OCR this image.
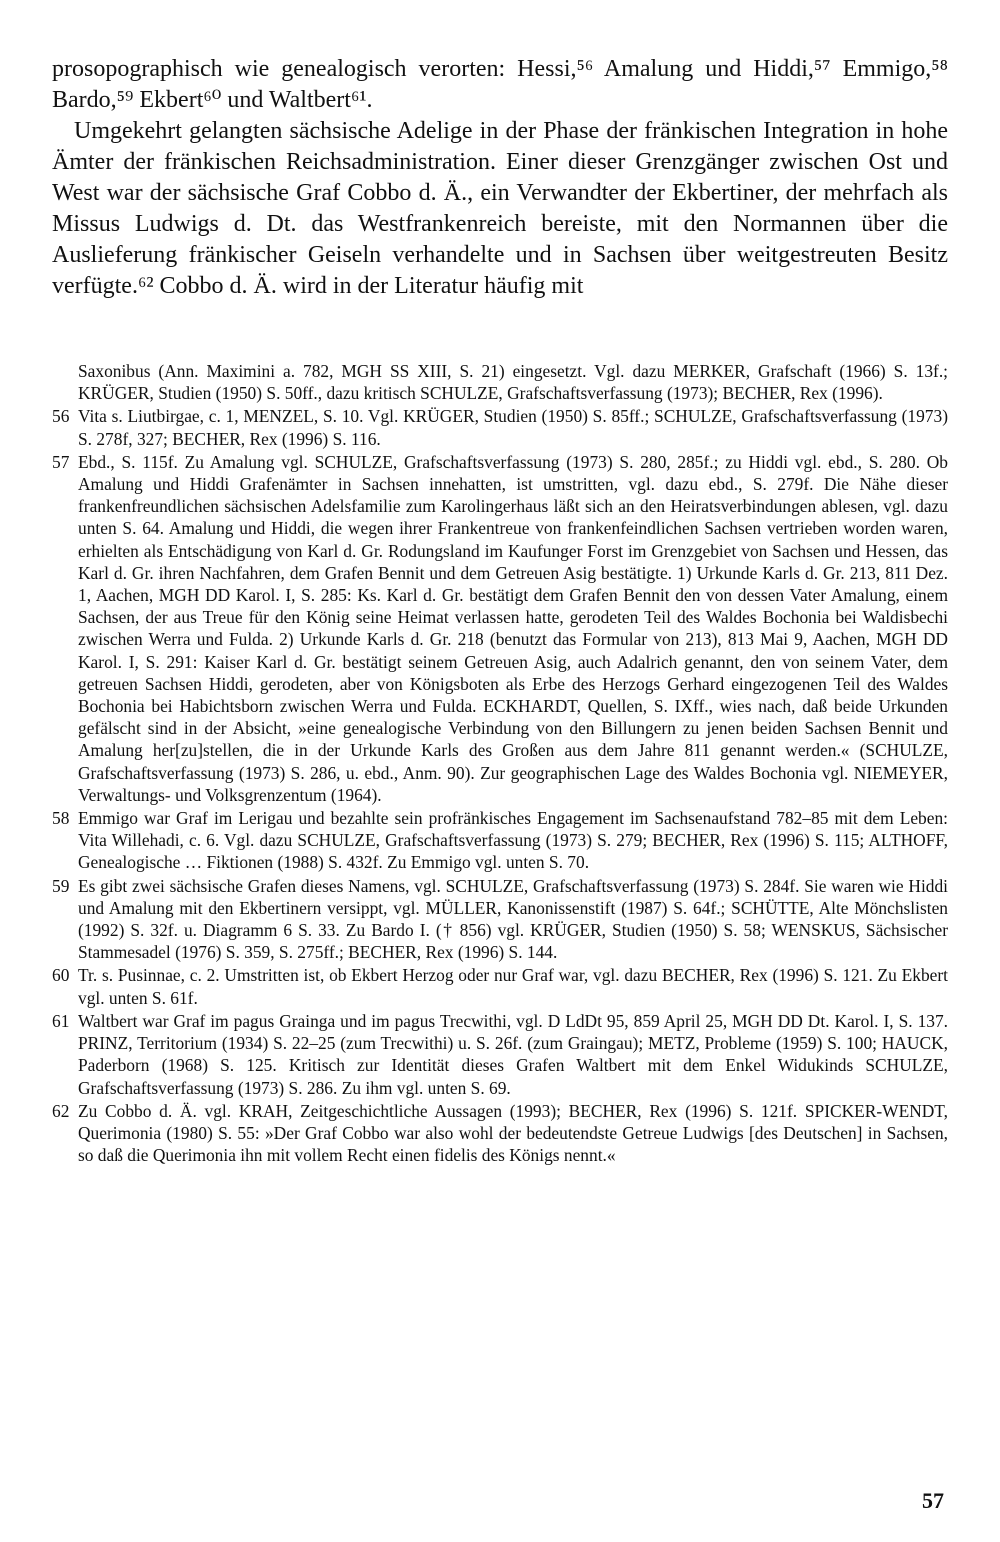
prosopographisch wie genealogisch verorten: Hessi,⁵⁶ Amalung und Hiddi,⁵⁷ Emmigo,⁵⁸ Bardo,⁵⁹ Ekbert⁶⁰ und Waltbert⁶¹.

Umgekehrt gelangten sächsische Adelige in der Phase der fränkischen Integration in hohe Ämter der fränkischen Reichsadministration. Einer dieser Grenzgänger zwischen Ost und West war der sächsische Graf Cobbo d. Ä., ein Verwandter der Ekbertiner, der mehrfach als Missus Ludwigs d. Dt. das Westfrankenreich bereiste, mit den Normannen über die Auslieferung fränkischer Geiseln verhandelte und in Sachsen über weitgestreuten Besitz verfügte.⁶² Cobbo d. Ä. wird in der Literatur häufig mit

Saxonibus (Ann. Maximini a. 782, MGH SS XIII, S. 21) eingesetzt. Vgl. dazu MERKER, Grafschaft (1966) S. 13f.; KRÜGER, Studien (1950) S. 50ff., dazu kritisch SCHULZE, Grafschaftsverfassung (1973); BECHER, Rex (1996).

56 Vita s. Liutbirgae, c. 1, MENZEL, S. 10. Vgl. KRÜGER, Studien (1950) S. 85ff.; SCHULZE, Grafschaftsverfassung (1973) S. 278f, 327; BECHER, Rex (1996) S. 116.
57 Ebd., S. 115f. Zu Amalung vgl. SCHULZE, Grafschaftsverfassung (1973) S. 280, 285f.; zu Hiddi vgl. ebd., S. 280. Ob Amalung und Hiddi Grafenämter in Sachsen innehatten, ist umstritten, vgl. dazu ebd., S. 279f. Die Nähe dieser frankenfreundlichen sächsischen Adelsfamilie zum Karolingerhaus läßt sich an den Heiratsverbindungen ablesen, vgl. dazu unten S. 64. Amalung und Hiddi, die wegen ihrer Frankentreue von frankenfeindlichen Sachsen vertrieben worden waren, erhielten als Entschädigung von Karl d. Gr. Rodungsland im Kaufunger Forst im Grenzgebiet von Sachsen und Hessen, das Karl d. Gr. ihren Nachfahren, dem Grafen Bennit und dem Getreuen Asig bestätigte. 1) Urkunde Karls d. Gr. 213, 811 Dez. 1, Aachen, MGH DD Karol. I, S. 285: Ks. Karl d. Gr. bestätigt dem Grafen Bennit den von dessen Vater Amalung, einem Sachsen, der aus Treue für den König seine Heimat verlassen hatte, gerodeten Teil des Waldes Bochonia bei Waldisbechi zwischen Werra und Fulda. 2) Urkunde Karls d. Gr. 218 (benutzt das Formular von 213), 813 Mai 9, Aachen, MGH DD Karol. I, S. 291: Kaiser Karl d. Gr. bestätigt seinem Getreuen Asig, auch Adalrich genannt, den von seinem Vater, dem getreuen Sachsen Hiddi, gerodeten, aber von Königsboten als Erbe des Herzogs Gerhard eingezogenen Teil des Waldes Bochonia bei Habichtsborn zwischen Werra und Fulda. ECKHARDT, Quellen, S. IXff., wies nach, daß beide Urkunden gefälscht sind in der Absicht, »eine genealogische Verbindung von den Billungern zu jenen beiden Sachsen Bennit und Amalung her[zu]stellen, die in der Urkunde Karls des Großen aus dem Jahre 811 genannt werden.« (SCHULZE, Grafschaftsverfassung (1973) S. 286, u. ebd., Anm. 90). Zur geographischen Lage des Waldes Bochonia vgl. NIEMEYER, Verwaltungs- und Volksgrenzentum (1964).
58 Emmigo war Graf im Lerigau und bezahlte sein profränkisches Engagement im Sachsenaufstand 782–85 mit dem Leben: Vita Willehadi, c. 6. Vgl. dazu SCHULZE, Grafschaftsverfassung (1973) S. 279; BECHER, Rex (1996) S. 115; ALTHOFF, Genealogische … Fiktionen (1988) S. 432f. Zu Emmigo vgl. unten S. 70.
59 Es gibt zwei sächsische Grafen dieses Namens, vgl. SCHULZE, Grafschaftsverfassung (1973) S. 284f. Sie waren wie Hiddi und Amalung mit den Ekbertinern versippt, vgl. MÜLLER, Kanonissenstift (1987) S. 64f.; SCHÜTTE, Alte Mönchslisten (1992) S. 32f. u. Diagramm 6 S. 33. Zu Bardo I. († 856) vgl. KRÜGER, Studien (1950) S. 58; WENSKUS, Sächsischer Stammesadel (1976) S. 359, S. 275ff.; BECHER, Rex (1996) S. 144.
60 Tr. s. Pusinnae, c. 2. Umstritten ist, ob Ekbert Herzog oder nur Graf war, vgl. dazu BECHER, Rex (1996) S. 121. Zu Ekbert vgl. unten S. 61f.
61 Waltbert war Graf im pagus Grainga und im pagus Trecwithi, vgl. D LdDt 95, 859 April 25, MGH DD Dt. Karol. I, S. 137. PRINZ, Territorium (1934) S. 22–25 (zum Trecwithi) u. S. 26f. (zum Graingau); METZ, Probleme (1959) S. 100; HAUCK, Paderborn (1968) S. 125. Kritisch zur Identität dieses Grafen Waltbert mit dem Enkel Widukinds SCHULZE, Grafschaftsverfassung (1973) S. 286. Zu ihm vgl. unten S. 69.
62 Zu Cobbo d. Ä. vgl. KRAH, Zeitgeschichtliche Aussagen (1993); BECHER, Rex (1996) S. 121f. SPICKER-WENDT, Querimonia (1980) S. 55: »Der Graf Cobbo war also wohl der bedeutendste Getreue Ludwigs [des Deutschen] in Sachsen, so daß die Querimonia ihn mit vollem Recht einen fidelis des Königs nennt.«
57
